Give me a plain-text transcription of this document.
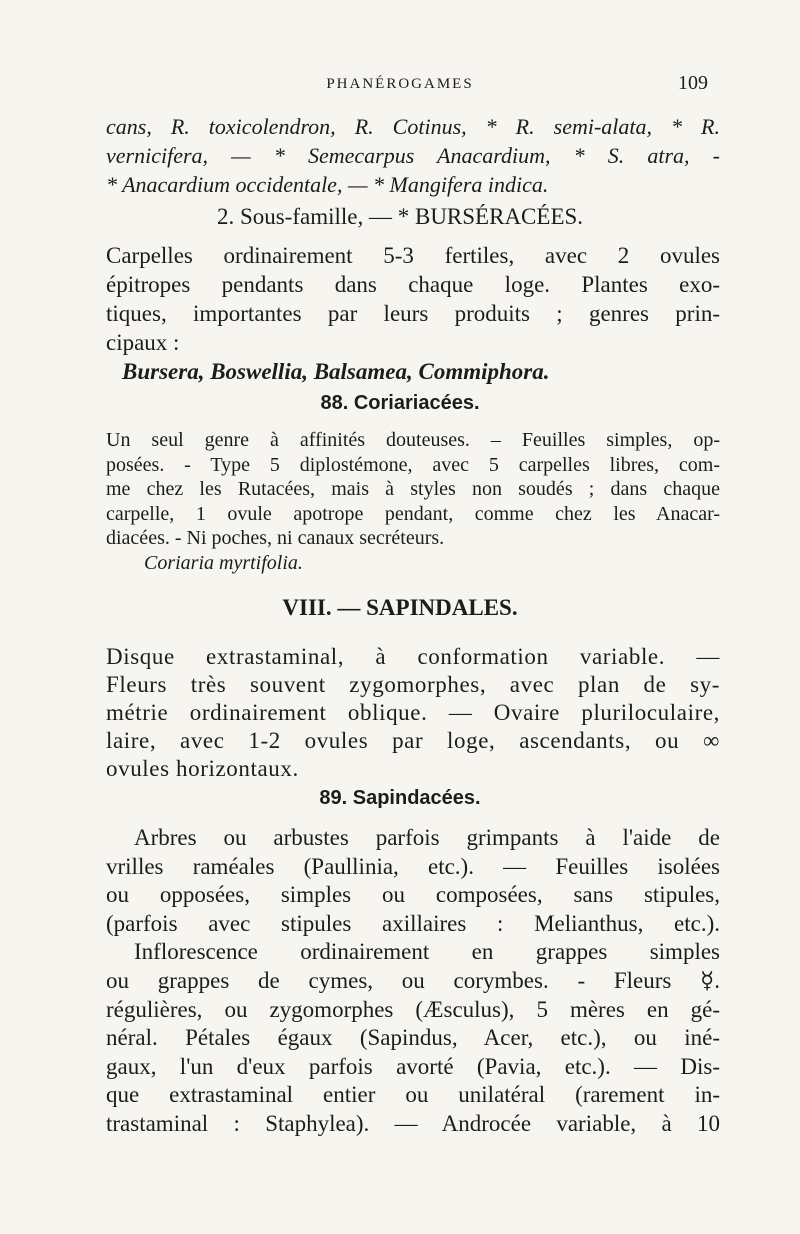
PHANÉROGAMES	109
cans, R. toxicolendron, R. Cotinus, * R. semi-alata, * R.
vernicifera, — * Semecarpus Anacardium, * S. atra, -
* Anacardium occidentale, — * Mangifera indica.
2. Sous-famille, — * BURSÉRACÉES.
Carpelles ordinairement 5-3 fertiles, avec 2 ovules
épitropes pendants dans chaque loge. Plantes exo-
tiques, importantes par leurs produits ; genres prin-
cipaux :
Bursera, Boswellia, Balsamea, Commiphora.
88. Coriariacées.
Un seul genre à affinités douteuses. – Feuilles simples, op-
posées. - Type 5 diplostémone, avec 5 carpelles libres, com-
me chez les Rutacées, mais à styles non soudés ; dans chaque
carpelle, 1 ovule apotrope pendant, comme chez les Anacar-
diacées. - Ni poches, ni canaux secréteurs.
Coriaria myrtifolia.
VIII. — SAPINDALES.
Disque extrastaminal, à conformation variable. —
Fleurs très souvent zygomorphes, avec plan de sy-
métrie ordinairement oblique. — Ovaire pluriloculaire,
laire, avec 1-2 ovules par loge, ascendants, ou ∞
ovules horizontaux.
89. Sapindacées.
Arbres ou arbustes parfois grimpants à l'aide de
vrilles raméales (Paullinia, etc.). — Feuilles isolées
ou opposées, simples ou composées, sans stipules,
(parfois avec stipules axillaires : Melianthus, etc.).
Inflorescence ordinairement en grappes simples
ou grappes de cymes, ou corymbes. - Fleurs ☿.
régulières, ou zygomorphes (Æsculus), 5 mères en gé-
néral. Pétales égaux (Sapindus, Acer, etc.), ou iné-
gaux, l'un d'eux parfois avorté (Pavia, etc.). — Dis-
que extrastaminal entier ou unilatéral (rarement in-
trastaminal : Staphylea). — Androcée variable, à 10
